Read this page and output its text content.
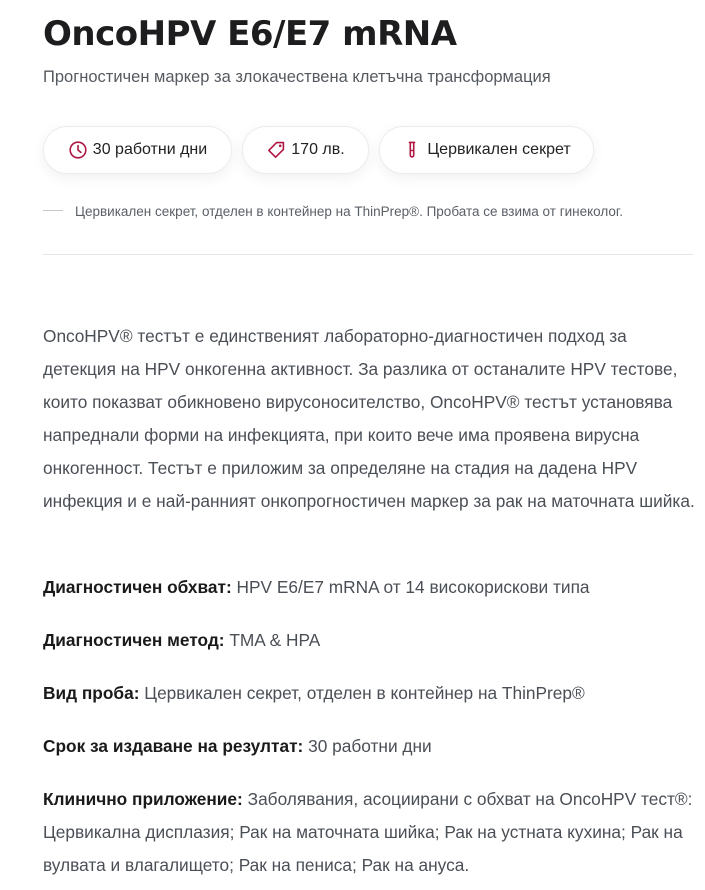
OncoHPV E6/E7 mRNA

Прогностичен маркер за злокачествена клетъчна трансформация

30 работни дни	170 лв.	Цервикален секрет

Цервикален секрет, отделен в контейнер на ThinPrep®. Пробата се взима от гинеколог.

OncoHPV® тестът е единственият лабораторно-диагностичен подход за детекция на HPV онкогенна активност. За разлика от останалите HPV тестове, които показват обикновено вирусоносителство, OncoHPV® тестът установява напреднали форми на инфекцията, при които вече има проявена вирусна онкогенност. Тестът е приложим за определяне на стадия на дадена HPV инфекция и е най-ранният онкопрогностичен маркер за рак на маточната шийка.

Диагностичен обхват: HPV E6/E7 mRNA от 14 високорискови типа

Диагностичен метод: TMA & HPA

Вид проба: Цервикален секрет, отделен в контейнер на ThinPrep®

Срок за издаване на резултат: 30 работни дни

Клинично приложение: Заболявания, асоциирани с обхват на OncoHPV тест®: Цервикална дисплазия; Рак на маточната шийка; Рак на устната кухина; Рак на вулвата и влагалището; Рак на пениса; Рак на ануса.
